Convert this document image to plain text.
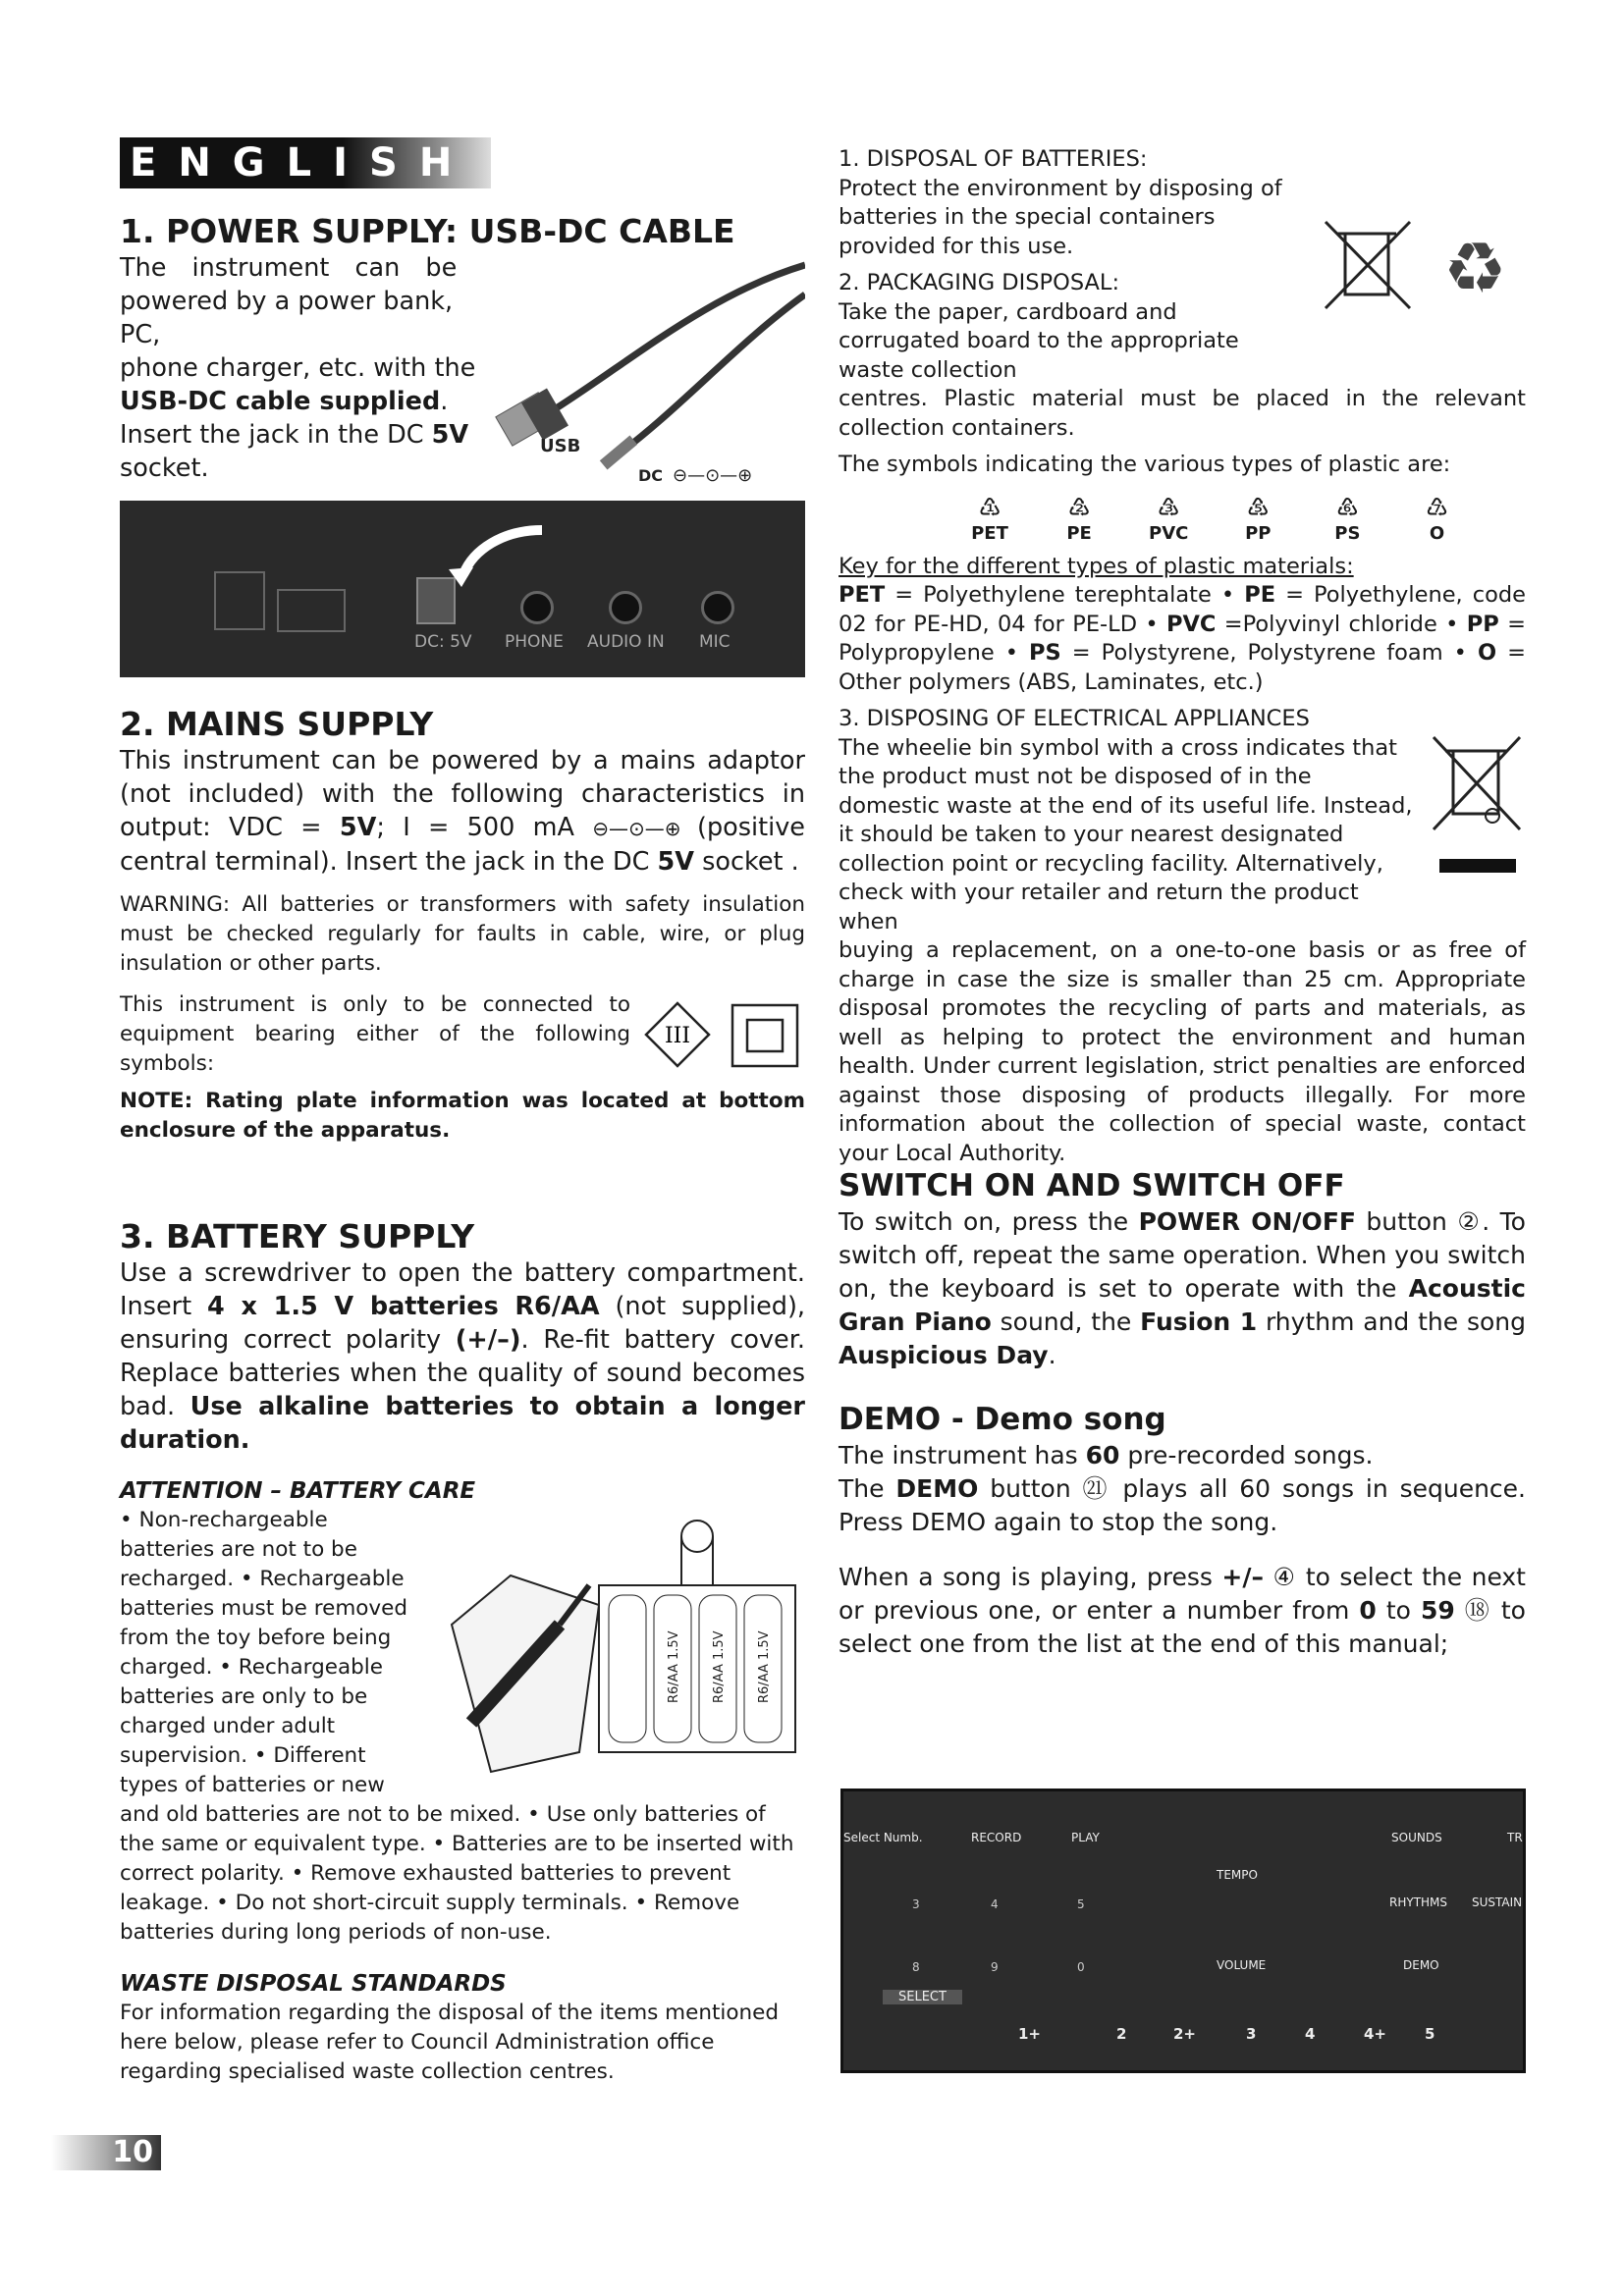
ENGLISH
1. POWER SUPPLY: USB-DC CABLE
The instrument can be
powered by a power bank, PC,
phone charger, etc. with the
USB-DC cable supplied.
Insert the jack in the DC 5V
socket.
USB
DC ⊖—⊙—⊕
DC: 5V PHONE AUDIO IN MIC
2. MAINS SUPPLY
This instrument can be powered by a mains adaptor (not included) with the following characteristics in output: VDC = 5V; I = 500 mA ⊖—⊙—⊕ (positive central terminal). Insert the jack in the DC 5V socket .
WARNING: All batteries or transformers with safety insulation must be checked regularly for faults in cable, wire, or plug insulation or other parts.
This instrument is only to be connected to equipment bearing either of the following symbols:
NOTE: Rating plate information was located at bottom enclosure of the apparatus.
III
3. BATTERY SUPPLY
Use a screwdriver to open the battery compartment. Insert 4 x 1.5 V batteries R6/AA (not supplied), ensuring correct polarity (+/–). Re-fit battery cover. Replace batteries when the quality of sound becomes bad. Use alkaline batteries to obtain a longer duration.
ATTENTION – BATTERY CARE
• Non-rechargeable batteries are not to be recharged. • Rechargeable batteries must be removed from the toy before being charged. • Rechargeable batteries are only to be charged under adult supervision. • Different types of batteries or new
and old batteries are not to be mixed. • Use only batteries of the same or equivalent type. • Batteries are to be inserted with correct polarity. • Remove exhausted batteries to prevent leakage. • Do not short-circuit supply terminals. • Remove batteries during long periods of non-use.
WASTE DISPOSAL STANDARDS
For information regarding the disposal of the items mentioned here below, please refer to Council Administration office regarding specialised waste collection centres.
R6/AA 1.5V R6/AA 1.5V R6/AA 1.5V
1. DISPOSAL OF BATTERIES:
Protect the environment by disposing of batteries in the special containers provided for this use.
2. PACKAGING DISPOSAL:
Take the paper, cardboard and corrugated board to the appropriate waste collection
centres. Plastic material must be placed in the relevant collection containers.
The symbols indicating the various types of plastic are:
♳
PET

♴
PE

♵
PVC

♷
PP

♸
PS

♹
O
Key for the different types of plastic materials:
PET = Polyethylene terephtalate • PE = Polyethylene, code 02 for PE-HD, 04 for PE-LD • PVC =Polyvinyl chloride • PP = Polypropylene • PS = Polystyrene, Polystyrene foam • O = Other polymers (ABS, Laminates, etc.)
3. DISPOSING OF ELECTRICAL APPLIANCES
The wheelie bin symbol with a cross indicates that the product must not be disposed of in the domestic waste at the end of its useful life. Instead, it should be taken to your nearest designated collection point or recycling facility. Alternatively, check with your retailer and return the product when
buying a replacement, on a one-to-one basis or as free of charge in case the size is smaller than 25 cm. Appropriate disposal promotes the recycling of parts and materials, as well as helping to protect the environment and human health. Under current legislation, strict penalties are enforced against those disposing of products illegally. For more information about the collection of special waste, contact your Local Authority.
♻
SWITCH ON AND SWITCH OFF
To switch on, press the POWER ON/OFF button ②. To switch off, repeat the same operation. When you switch on, the keyboard is set to operate with the Acoustic Gran Piano sound, the Fusion 1 rhythm and the song Auspicious Day.
DEMO - Demo song
The instrument has 60 pre-recorded songs.
The DEMO button ㉑ plays all 60 songs in sequence. Press DEMO again to stop the song.
When a song is playing, press +/– ④ to select the next or previous one, or enter a number from 0 to 59 ⑱ to select one from the list at the end of this manual;
Select Numb.	RECORD	PLAY
TEMPO
VOLUME
SOUNDS	TR
RHYTHMS SUSTAIN
DEMO
SELECT
3	4	5
8	9	0
1+	2	2+	3	4	4+	5
10
